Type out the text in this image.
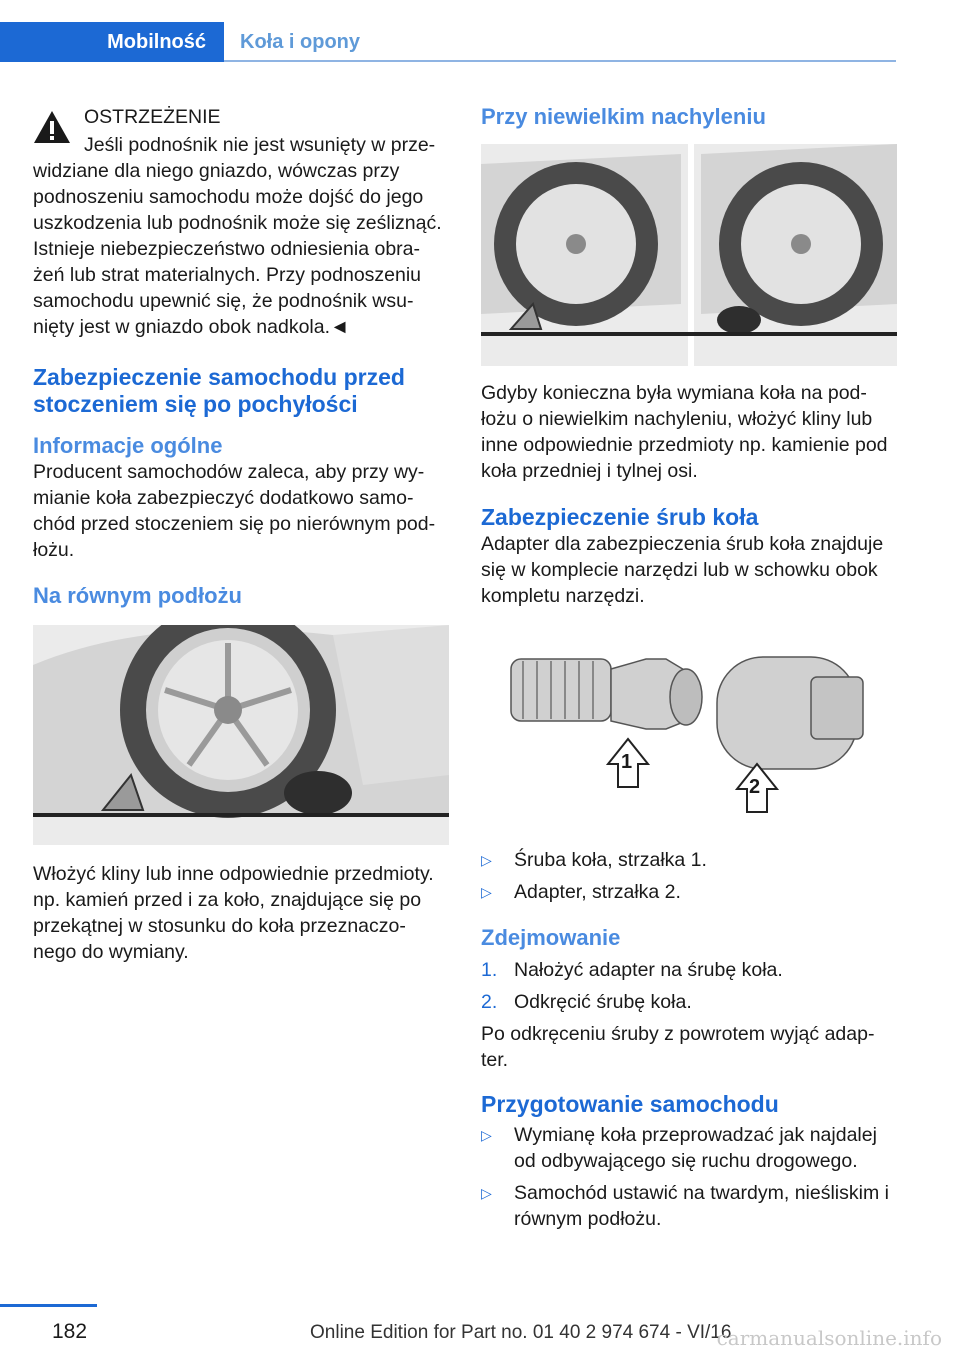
Mobilność	Koła i opony

OSTRZEŻENIE

Jeśli podnośnik nie jest wsunięty w prze-widziane dla niego gniazdo, wówczas przy podnoszeniu samochodu może dojść do jego uszkodzenia lub podnośnik może się ześliznąć. Istnieje niebezpieczeństwo odniesienia obra-żeń lub strat materialnych. Przy podnoszeniu samochodu upewnić się, że podnośnik wsu-nięty jest w gniazdo obok nadkola.◄

Zabezpieczenie samochodu przed stoczeniem się po pochyłości
Informacje ogólne

Producent samochodów zaleca, aby przy wy-mianie koła zabezpieczyć dodatkowo samo-chód przed stoczeniem się po nierównym pod-łożu.

Na równym podłożu

Włożyć kliny lub inne odpowiednie przedmioty. np. kamień przed i za koło, znajdujące się po przekątnej w stosunku do koła przeznaczo-nego do wymiany.

Przy niewielkim nachyleniu

Gdyby konieczna była wymiana koła na pod-łożu o niewielkim nachyleniu, włożyć kliny lub inne odpowiednie przedmioty np. kamienie pod koła przedniej i tylnej osi.

Zabezpieczenie śrub koła

Adapter dla zabezpieczenia śrub koła znajduje się w komplecie narzędzi lub w schowku obok kompletu narzędzi.

1
2
▷ Śruba koła, strzałka 1.
▷ Adapter, strzałka 2.
Zdejmowanie
1. Nałożyć adapter na śrubę koła.
2. Odkręcić śrubę koła.

Po odkręceniu śruby z powrotem wyjąć adap-ter.

Przygotowanie samochodu
▷ Wymianę koła przeprowadzać jak najdalej od odbywającego się ruchu drogowego.
▷ Samochód ustawić na twardym, nieśliskim i równym podłożu.
182	Online Edition for Part no. 01 40 2 974 674 - VI/16
carmanualsonline.info
